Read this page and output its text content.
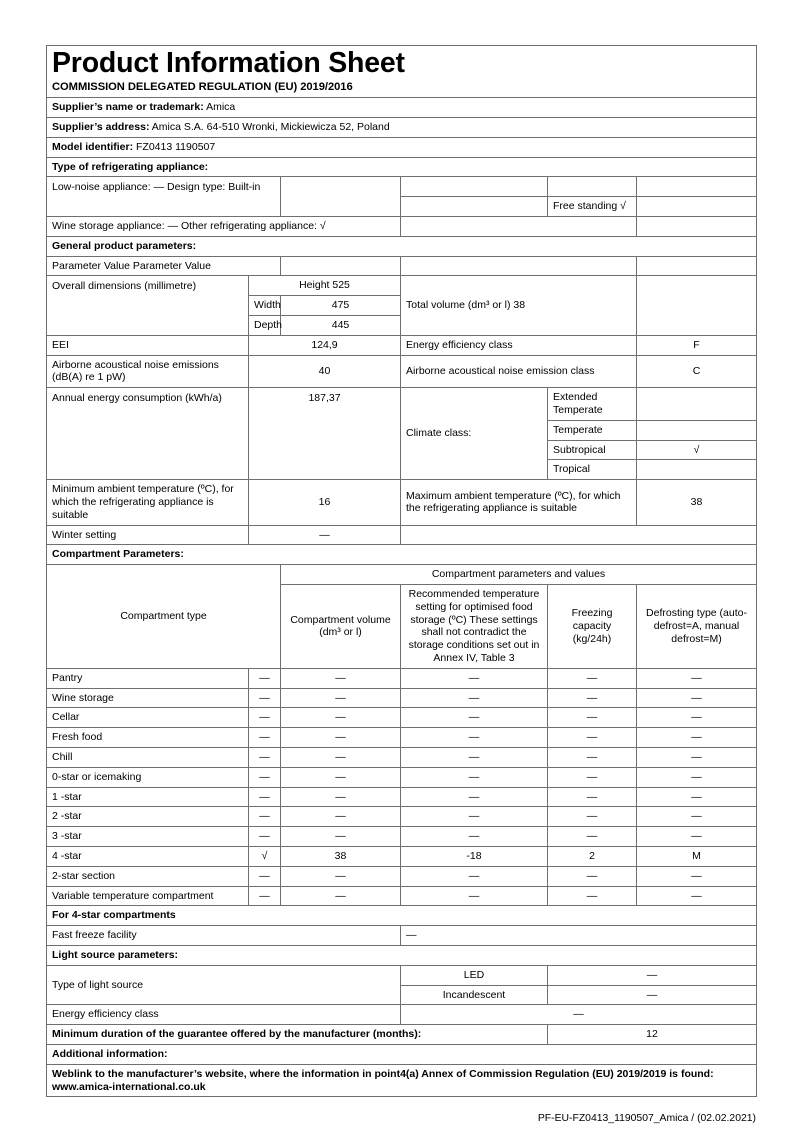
Product Information Sheet
COMMISSION DELEGATED REGULATION (EU) 2019/2016					

Supplier’s name or trademark: Amica					
Supplier’s address: Amica S.A. 64-510 Wronki, Mickiewicza 52, Poland					
Model identifier: FZ0413 1190507					
Type of refrigerating appliance:					
Low-noise appliance: — Design type: Built-in					
				Free standing √	
Wine storage appliance: — Other refrigerating appliance: √					
General product parameters:					
Parameter Value Parameter Value					
Overall dimensions (millimetre)	Height 525		Total volume (dm³ or l) 38		
	Width	475			
	Depth	445			
EEI	124,9		Energy efficiency class		F
Airborne acoustical noise emissions (dB(A) re 1 pW)	40		Airborne acoustical noise emission class		C
Annual energy consumption (kWh/a)	187,37		Climate class:	Extended Temperate	
				Temperate	
				Subtropical	√
				Tropical	
Minimum ambient temperature (ºC), for which the refrigerating appliance is suitable	16		Maximum ambient temperature (ºC), for which the refrigerating appliance is suitable		38
Winter setting	—				
Compartment Parameters:					
Compartment type		Compartment parameters and values			
		Compartment volume (dm³ or l)	Recommended temperature setting for optimised food storage (ºC) These settings shall not contradict the storage conditions set out in Annex IV, Table 3	Freezing capacity (kg/24h)	Defrosting type (auto-defrost=A, manual defrost=M)
Pantry	—	—	—	—	—
Wine storage	—	—	—	—	—
Cellar	—	—	—	—	—
Fresh food	—	—	—	—	—
Chill	—	—	—	—	—
0-star or icemaking	—	—	—	—	—
1 -star	—	—	—	—	—
2 -star	—	—	—	—	—
3 -star	—	—	—	—	—
4 -star	√	38	-18	2	M
2-star section	—	—	—	—	—
Variable temperature compartment	—	—	—	—	—
For 4-star compartments					
Fast freeze facility			—		
Light source parameters:					
Type of light source			LED	—	
			Incandescent	—	
Energy efficiency class			—		
Minimum duration of the guarantee offered by the manufacturer (months):				12	
Additional information:					
Weblink to the manufacturer’s website, where the information in point4(a) Annex of Commission Regulation (EU) 2019/2019 is found: www.amica-international.co.uk					
PF-EU-FZ0413_1190507_Amica / (02.02.2021)
